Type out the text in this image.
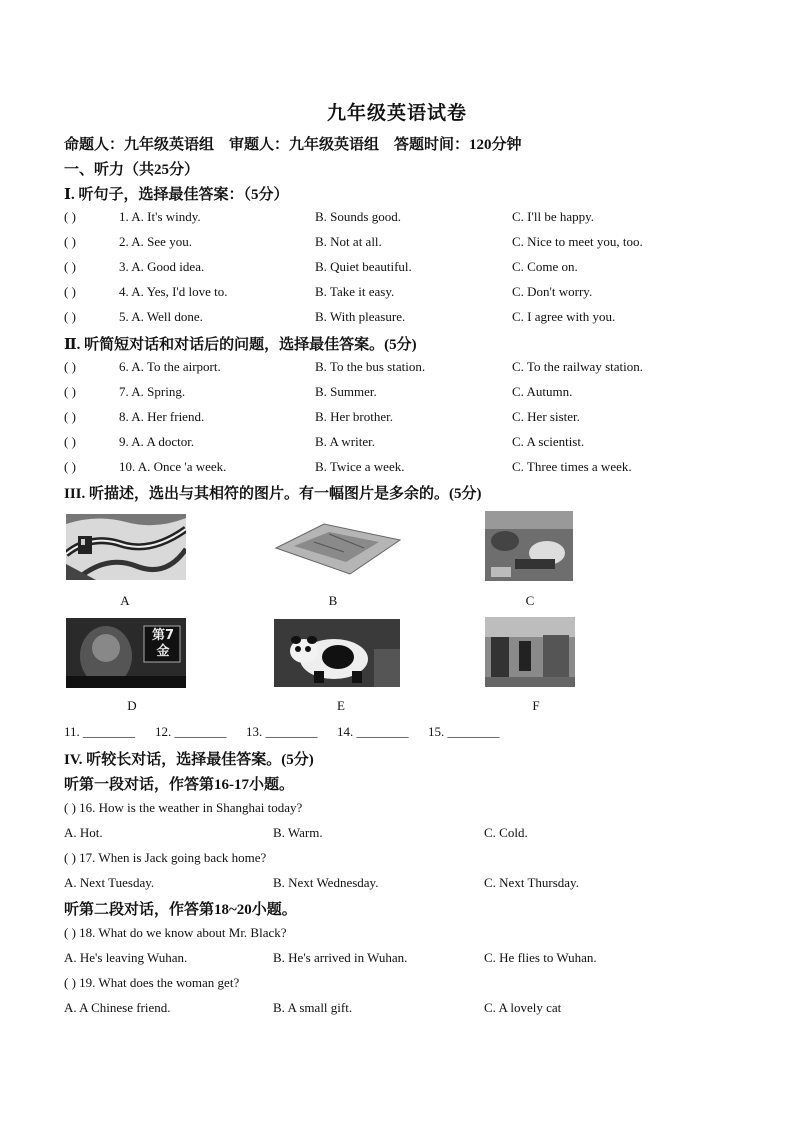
九年级英语试卷
命题人：九年级英语组　审题人：九年级英语组　答题时间：120分钟
一、听力（共25分）
Ⅰ. 听句子，选择最佳答案：（5分）
( )	1. A. It's windy.	B. Sounds good.	C. I'll be happy.
( )	2. A. See you.	B. Not at all.	C. Nice to meet you, too.
( )	3. A. Good idea.	B. Quiet beautiful.	C. Come on.
( )	4. A. Yes, I'd love to.	B. Take it easy.	C. Don't worry.
( )	5. A. Well done.	B. With pleasure.	C. I agree with you.
Ⅱ. 听简短对话和对话后的问题，选择最佳答案。(5分)
( )	6. A. To the airport.	B. To the bus station.	C. To the railway station.
( )	7. A. Spring.	B. Summer.	C. Autumn.
( )	8. A. Her friend.	B. Her brother.	C. Her sister.
( )	9. A. A doctor.	B. A writer.	C. A scientist.
( )	10. A. Once 'a week.	B. Twice a week.	C. Three times a week.
III. 听描述，选出与其相符的图片。有一幅图片是多余的。(5分)
A	B	C
第7金
D	E	F
11. ________ 12. ________ 13. ________ 14. ________ 15. ________
IV. 听较长对话，选择最佳答案。(5分)
听第一段对话，作答第16-17小题。
( ) 16. How is the weather in Shanghai today?
A. Hot.	B. Warm.	C. Cold.
( ) 17. When is Jack going back home?
A. Next Tuesday.	B. Next Wednesday.	C. Next Thursday.
听第二段对话，作答第18~20小题。
( ) 18. What do we know about Mr. Black?
A. He's leaving Wuhan.	B. He's arrived in Wuhan.	C. He flies to Wuhan.
( ) 19. What does the woman get?
A. A Chinese friend.	B. A small gift.	C. A lovely cat
